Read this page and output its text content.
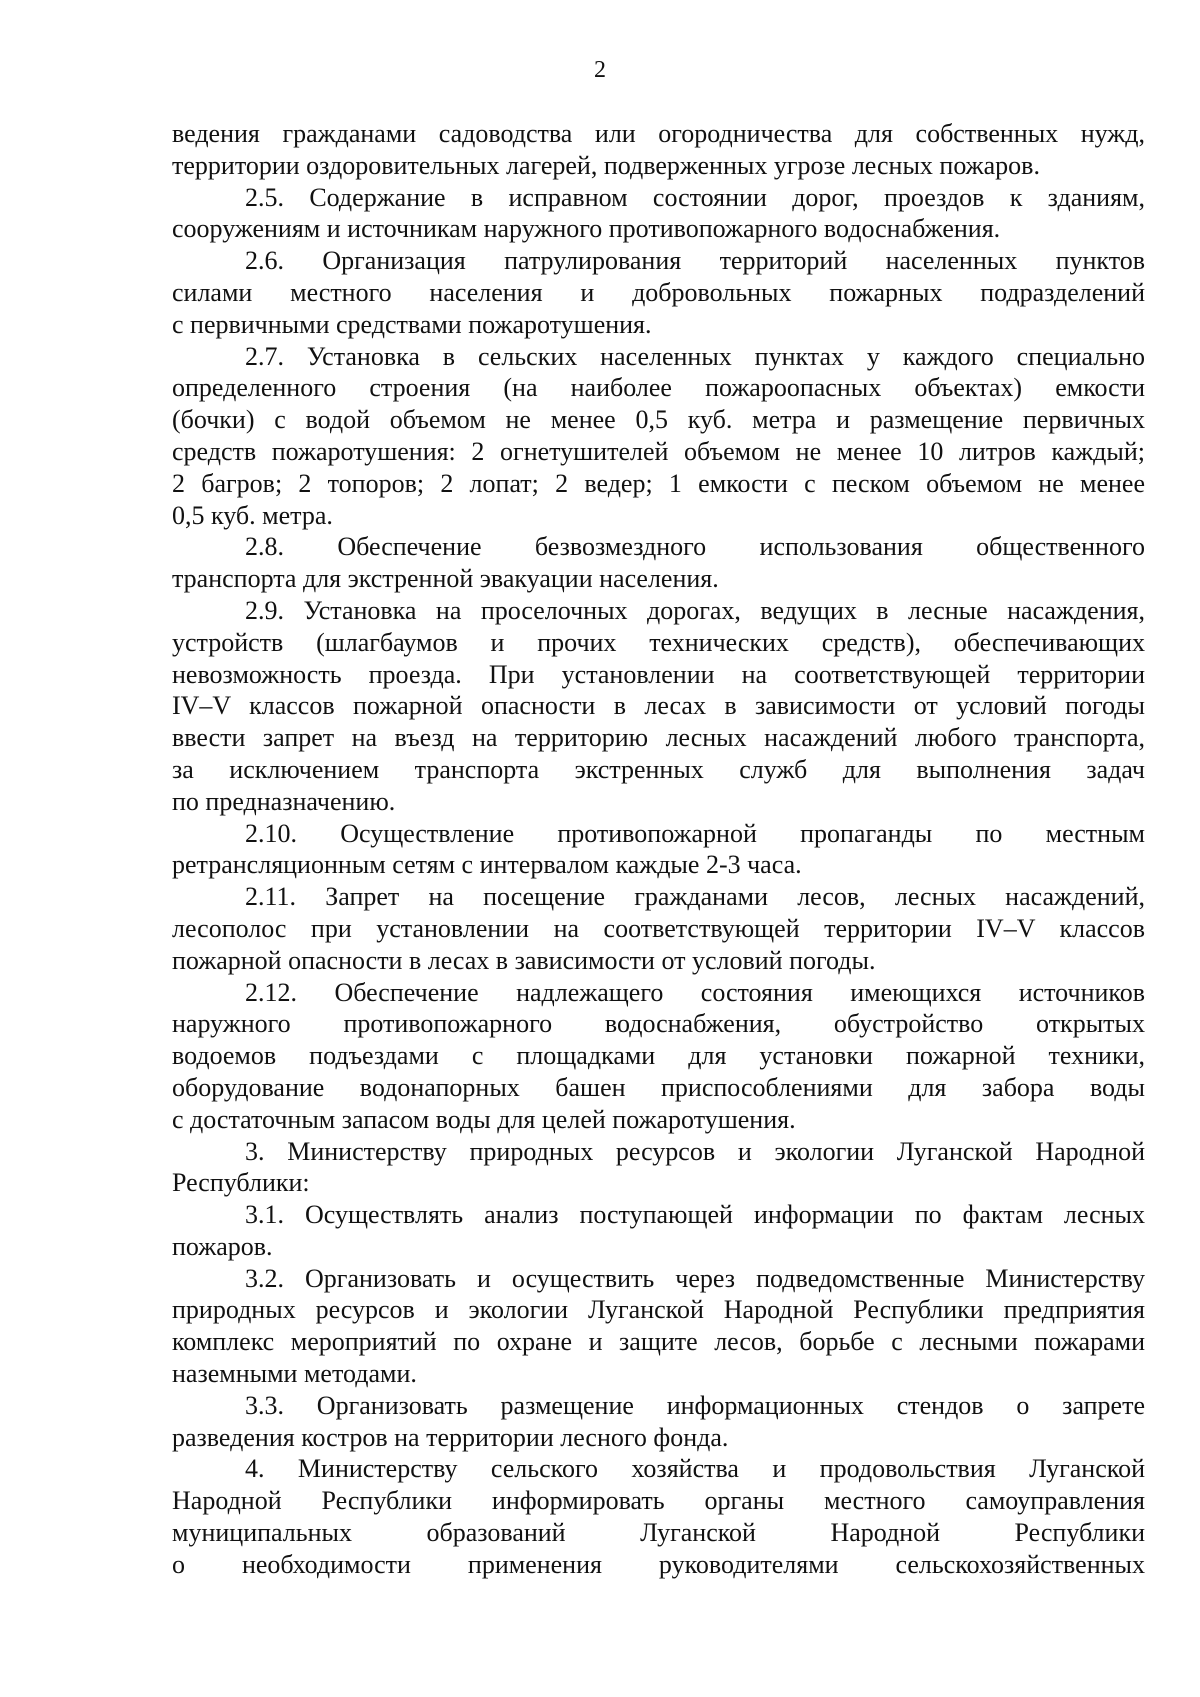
2

ведения гражданами садоводства или огородничества для собственных нужд,
территории оздоровительных лагерей, подверженных угрозе лесных пожаров.

2.5. Содержание в исправном состоянии дорог, проездов к зданиям,
сооружениям и источникам наружного противопожарного водоснабжения.

2.6. Организация патрулирования территорий населенных пунктов
силами местного населения и добровольных пожарных подразделений
с первичными средствами пожаротушения.

2.7. Установка в сельских населенных пунктах у каждого специально
определенного строения (на наиболее пожароопасных объектах) емкости
(бочки) с водой объемом не менее 0,5 куб. метра и размещение первичных
средств пожаротушения: 2 огнетушителей объемом не менее 10 литров каждый;
2 багров; 2 топоров; 2 лопат; 2 ведер; 1 емкости с песком объемом не менее
0,5 куб. метра.

2.8. Обеспечение безвозмездного использования общественного
транспорта для экстренной эвакуации населения.

2.9. Установка на проселочных дорогах, ведущих в лесные насаждения,
устройств (шлагбаумов и прочих технических средств), обеспечивающих
невозможность проезда. При установлении на соответствующей территории
IV–V классов пожарной опасности в лесах в зависимости от условий погоды
ввести запрет на въезд на территорию лесных насаждений любого транспорта,
за исключением транспорта экстренных служб для выполнения задач
по предназначению.

2.10. Осуществление противопожарной пропаганды по местным
ретрансляционным сетям с интервалом каждые 2-3 часа.

2.11. Запрет на посещение гражданами лесов, лесных насаждений,
лесополос при установлении на соответствующей территории IV–V классов
пожарной опасности в лесах в зависимости от условий погоды.

2.12. Обеспечение надлежащего состояния имеющихся источников
наружного противопожарного водоснабжения, обустройство открытых
водоемов подъездами с площадками для установки пожарной техники,
оборудование водонапорных башен приспособлениями для забора воды
с достаточным запасом воды для целей пожаротушения.

3. Министерству природных ресурсов и экологии Луганской Народной
Республики:

3.1. Осуществлять анализ поступающей информации по фактам лесных
пожаров.

3.2. Организовать и осуществить через подведомственные Министерству
природных ресурсов и экологии Луганской Народной Республики предприятия
комплекс мероприятий по охране и защите лесов, борьбе с лесными пожарами
наземными методами.

3.3. Организовать размещение информационных стендов о запрете
разведения костров на территории лесного фонда.

4. Министерству сельского хозяйства и продовольствия Луганской
Народной Республики информировать органы местного самоуправления
муниципальных образований Луганской Народной Республики
о необходимости применения руководителями сельскохозяйственных
